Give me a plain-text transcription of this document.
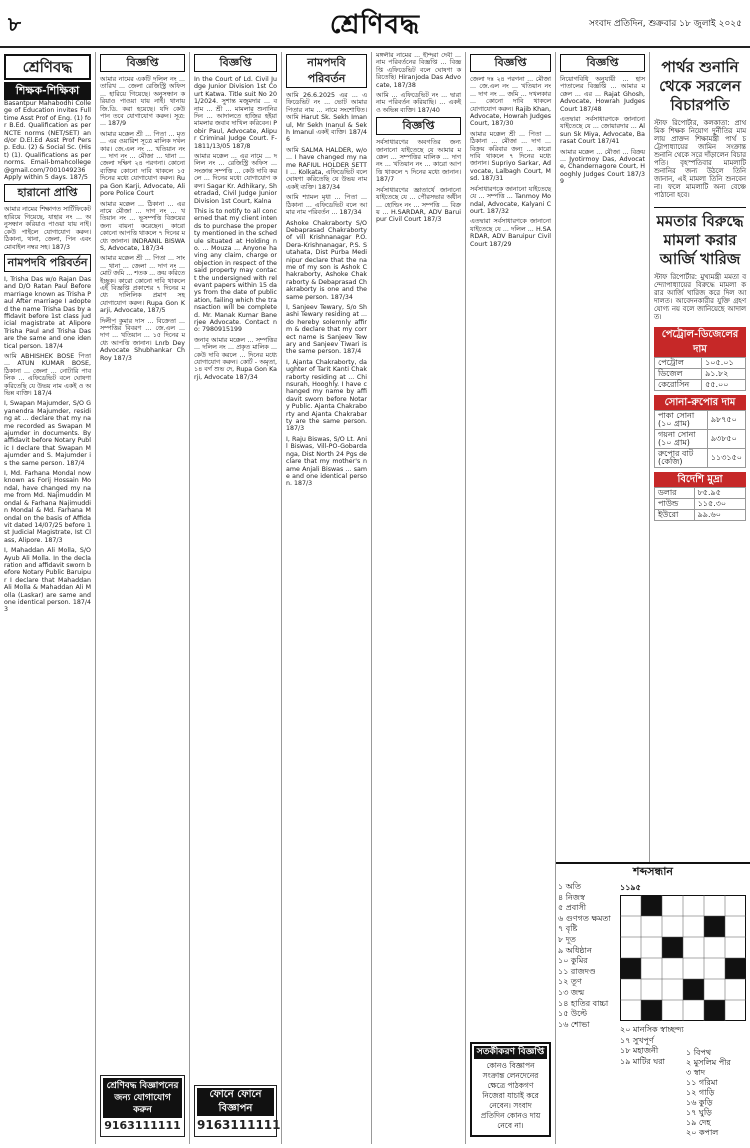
৮	শ্রেণিবদ্ধ	সংবাদ প্রতিদিন, শুক্রবার ১৮ জুলাই ২০২৫
শ্রেণিবদ্ধ
শিক্ষক-শিক্ষিকা

Basantpur Mahabodhi College of Education invites Full time Asst Prof of Eng. (1) for B.Ed. Qualification as per NCTE norms (NET/SET) and/or D.El.Ed Asst Prof Persp. Edu. (2) & Social Sc. (Hist) (1). Qualifications as per norms. Email-bmahcollege@gmail.com/7001049236 Apply within 5 days. 187/5

হারানো প্রাপ্তি

আমার নামের শিক্ষাগত সার্টিফিকেট হারিয়ে গিয়েছে, যাহার নং ... অনুসন্ধান করিয়াও পাওয়া যায় নাই। কেউ পাইলে যোগাযোগ করুন। ঠিকানা, থানা, জেলা, পিন এবং মোবাইল নম্বর সহ। 187/3

নামপদবি পরিবর্তন

I, Trisha Das w/o Rajan Das and D/O Ratan Paul Before marriage known as Trisha Paul After marriage I adopted the name Trisha Das by affidavit before 1st class judicial magistrate at Alipore Trisha Paul and Trisha Das are the same and one identical person. 187/4

আমি ABHISHEK BOSE পিতা ... ATUN KUMAR BOSE, ঠিকানা ... জেলা ... নোটারি পাবলিক ... এফিডেভিট বলে ঘোষণা করিতেছি যে উভয় নাম একই ও অভিন্ন ব্যক্তি। 187/4

I, Swapan Majumder, S/O Gyanendra Majumder, residing at ... declare that my name recorded as Swapan Majumder in documents. By affidavit before Notary Public I declare that Swapan Majumder and S. Majumder is the same person. 187/4

I, Md. Farhana Mondal now known as Forij Hossain Mondal, have changed my name from Md. Najimuddin Mondal & Farhana Najimuddin Mondal & Md. Farhana Mondal on the basis of Affidavit dated 14/07/25 before 1st Judicial Magistrate, Ist Class, Alipore. 187/3

I, Mahaddan Ali Molla, S/O Ayub Ali Molla. In the declaration and affidavit sworn before Notary Public Baruipur I declare that Mahaddan Ali Molla & Mahaddan Ali Molla (Laskar) are same and one identical person. 187/43

বিজ্ঞপ্তি

আমার নামের একটি দলিল নং ... তারিখ ... জেলা রেজিস্ট্রি অফিস ... হারিয়ে গিয়েছে। অনুসন্ধান করিয়াও পাওয়া যায় নাই। থানায় জি.ডি. করা হয়েছে। যদি কেউ পান তবে যোগাযোগ করুন। সূত্র: ... 187/9

আমার মক্কেল শ্রী ... পিতা ... মৃত ... এর ওয়ারিশ সূত্রে মালিক দখলকার। জে.এল নং ... খতিয়ান নং ... দাগ নং ... মৌজা ... থানা ... জেলা দক্ষিণ ২৪ পরগনা। কোনো ব্যক্তির কোনো দাবি থাকলে ১৫ দিনের মধ্যে যোগাযোগ করুন। Rupa Gon Karji, Advocate, Alipore Police Court

আমার মক্কেল ... ঠিকানা ... এর নামে মৌজা ... দাগ নং ... খতিয়ান নং ... ভূসম্পত্তি বিক্রয়ের জন্য বায়না করেছেন। কারো কোনো আপত্তি থাকলে ৭ দিনের মধ্যে জানান। INDRANIL BISWAS, Advocate, 187/34

আমার মক্কেল শ্রী ... পিতা ... সাং ... থানা ... জেলা ... দাগ নং ... মোট জমি ... শতক ... ক্রয় করিতে ইচ্ছুক। কারো কোনো দাবি থাকলে এই বিজ্ঞপ্তি প্রকাশের ৭ দিনের মধ্যে দালিলিক প্রমাণ সহ যোগাযোগ করুন। Rupa Gon Karji, Advocate, 187/5

দিলীপ কুমার দাস ... বিক্রেতা ... সম্পত্তির বিবরণ ... জে.এল ... দাগ ... খতিয়ান ... ১৫ দিনের মধ্যে আপত্তি জানান। Lnrb Dey Advocate Shubhankar Ch Roy 187/3

শ্রেণিবদ্ধ বিজ্ঞাপনের জন্য যোগাযোগ করুন
9163111111
বিজ্ঞপ্তি

In the Court of Ld. Civil Judge Junior Division 1st Court Katwa. Title suit No 201/2024. সুশান্ত মজুমদার ... বনাম ... শ্রী ... মামলার শুনানির দিন ... আদালতে হাজির হইয়া মামলার জবাব দাখিল করিবেন। Pobir Paul, Advocate, Alipur Criminal Judge Court. F-1811/13/05 187/8

আমার মক্কেল ... এর নামে ... দলিল নং ... রেজিস্ট্রি অফিস ... সংক্রান্ত সম্পত্তি ... কেউ দাবি করলে ... দিনের মধ্যে যোগাযোগ করুন। Sagar Kr. Adhikary, Shetradad, Civil Judge Junior Division 1st Court, Kalna

This is to notify to all concerned that my client intends to purchase the property mentioned in the schedule situated at Holding no. ... Mouza ... Anyone having any claim, charge or objection in respect of the said property may contact the undersigned with relevant papers within 15 days from the date of publication, failing which the transaction will be completed. Mr. Manak Kumar Banerjee Advocate. Contact no: 7980915199

জনাব আমার মক্কেল ... সম্পত্তির ... দলিল নং ... প্রকৃত মালিক ... কেউ দাবি করলে ... দিনের মধ্যে যোগাযোগ করুন। কোর্ট - অমৃতা, ১৪ বর্গ শুভ দে, Rupa Gon Karji, Advocate 187/34

ফোনে ফোনে বিজ্ঞাপন
9163111111
নামপদবি পরিবর্তন

আমি 26.6.2025 এর ... এফিডেভিট নং ... ভোট আমার পিতার নাম ... নামে সংশোধিত। আমি Harut Sk. Sekh Imanul, Mr Sekh Inanul & Sekh Imanul একই ব্যক্তি। 187/46

আমি SALMA HALDER, w/o ... I have changed my name RAFIUL HOLDER SETTI ... Kolkata, এফিডেভিট বলে ঘোষণা করিতেছি যে উভয় নাম একই ব্যক্তি। 187/34

আমি শ্যামল মৃধা ... পিতা ... ঠিকানা ... এফিডেভিট বলে আমার নাম পরিবর্তন ... 187/34

Ashoke Chakraborty S/O Debaprasad Chakraborty of vill Krishnanagar P.O. Dera-Krishnanagar, P.S. Sutahata, Dist Purba Medinipur declare that the name of my son is Ashok Chakraborty, Ashoke Chakraborty & Debaprasad Chakraborty is one and the same person. 187/34

I, Sanjeev Tewary, S/o Shashi Tewary residing at ... do hereby solemnly affirm & declare that my correct name is Sanjeev Tewary and Sanjeev Tiwari is the same person. 187/4

I, Ajanta Chakraborty, daughter of Tarit Kanti Chakraborty residing at ... Chinsurah, Hooghly. I have changed my name by affidavit sworn before Notary Public. Ajanta Chakraborty and Ajanta Chakrabarty are the same person. 187/3

I, Raju Biswas, S/O Lt. Anil Biswas, Vill-PO-Gobardanga, Dist North 24 Pgs declare that my mother's name Anjali Biswas ... same and one identical person. 187/3

মঙ্গলীর নামের ... ইন্দিরা দেবী ... নাম পরিবর্তনের বিজ্ঞপ্তি ... বিজ্ঞপ্তি এফিডেভিট বলে ঘোষণা করিতেছি। Hiranjoda Das Advocate, 187/38

আমি ... এফিডেভিট নং ... দ্বারা নাম পরিবর্তন করিয়াছি। ... একই ও অভিন্ন ব্যক্তি। 187/40

বিজ্ঞপ্তি

সর্বসাধারণের অবগতির জন্য জানানো যাইতেছে যে আমার মক্কেল ... সম্পত্তির মালিক ... দাগ নং ... খতিয়ান নং ... কারো আপত্তি থাকলে ৭ দিনের মধ্যে জানান। 187/7

সর্বসাধারণের জ্ঞাতার্থে জানানো যাইতেছে যে ... পৌরসভার অধীন ... হোল্ডিং নং ... সম্পত্তি ... বিক্রয় ... H.SARDAR, ADV Baruipur Civil Court 187/3

বিজ্ঞপ্তি

জেলা দঃ ২৪ পরগনা ... মৌজা ... জে.এল নং ... খতিয়ান নং ... দাগ নং ... জমি ... দখলকার ... কোনো দাবি থাকলে যোগাযোগ করুন। Rajib Khan, Advocate, Howrah Judges Court, 187/30

আমার মক্কেল শ্রী ... পিতা ... ঠিকানা ... মৌজা ... দাগ ... বিক্রয় করিবার জন্য ... কারো দাবি থাকলে ৭ দিনের মধ্যে জানান। Supriyo Sarkar, Advocate, Lalbagh Court, Msd. 187/31

সর্বসাধারণকে জানানো যাইতেছে যে ... সম্পত্তি ... Tanmoy Mondal, Advocate, Kalyani Court. 187/32

এতদ্বারা সর্বসাধারণকে জানানো যাইতেছে যে ... দলিল ... H.SARDAR, ADV Baruipur Civil Court 187/29

সতর্কীকরণ বিজ্ঞপ্তি
কোনও বিজ্ঞাপন সংক্রান্ত লেনদেনের ক্ষেত্রে পাঠকগণ নিজেরা যাচাই করে নেবেন। সংবাদ প্রতিদিন কোনও দায় নেবে না।
বিজ্ঞপ্তি

নিয়োগবিধি অনুযায়ী ... হাসপাতালের বিজ্ঞপ্তি ... আমার মক্কেল ... এর ... Rajat Ghosh, Advocate, Howrah Judges Court 187/48

এতদ্বারা সর্বসাধারণকে জানানো যাইতেছে যে ... জোয়ারদার ... Alsun Sk Miya, Advocate, Barasat Court 187/41

আমার মক্কেল ... মৌজা ... বিক্রয় ... Jyotirmoy Das, Advocate, Chandernagore Court, Hooghly Judges Court 187/39

পার্থর শুনানি থেকে সরলেন বিচারপতি

স্টাফ রিপোর্টার, কলকাতা: প্রাথমিক শিক্ষক নিয়োগ দুর্নীতির মামলায় প্রাক্তন শিক্ষামন্ত্রী পার্থ চট্টোপাধ্যায়ের জামিন সংক্রান্ত শুনানি থেকে সরে দাঁড়ালেন বিচারপতি। বৃহস্পতিবার মামলাটি শুনানির জন্য উঠলে তিনি জানান, এই মামলা তিনি শুনবেন না। ফলে মামলাটি অন্য বেঞ্চে পাঠানো হবে।

মমতার বিরুদ্ধে মামলা করার আর্জি খারিজ

স্টাফ রিপোর্টার: মুখ্যমন্ত্রী মমতা বন্দ্যোপাধ্যায়ের বিরুদ্ধে মামলা করার আর্জি খারিজ করে দিল আদালত। আবেদনকারীর যুক্তি গ্রহণযোগ্য নয় বলে জানিয়েছে আদালত।

পেট্রোল-ডিজেলের দাম
পেট্রোল	১০৫.০১
ডিজেল	৯১.৮২
কেরোসিন	৫৫.০০
সোনা-রুপোর দাম
পাকা সোনা (১০ গ্রাম)	৯৮৭৫০
গয়না সোনা (১০ গ্রাম)	৯৩৮৫০
রুপোর বাট (কেজি)	১১৩১৫০
বিদেশি মুদ্রা
ডলার	৮৫.৯৫
পাউন্ড	১১৫.৩০
ইউরো	৯৯.৬০
শব্দসন্ধান
১ অতি
৪ নিজস্ব
৫ প্রবাসী
৬ গুণগত ক্ষমতা
৭ বৃষ্টি
৮ দূত
৯ অধিষ্ঠান
১০ কুমির
১১ রাজদণ্ড
১২ তূণ
১৩ জন্ম
১৪ হাতির বাচ্চা
১৫ উল্টে
১৬ শোভা
১১৯৫
২০ মানসিক স্বাচ্ছন্দ্য
১৭ সুখপূর্ণ
১৮ মহাজনী
১৯ মাটির ঘরা
১ বিপথ
২ মুসলিম পীর
৩ স্বাদ
১১ গরিমা
১২ গাড়ি
১৬ কুড়ি
১৭ ঘুড়ি
১৯ দেহ
২০ কপাল
